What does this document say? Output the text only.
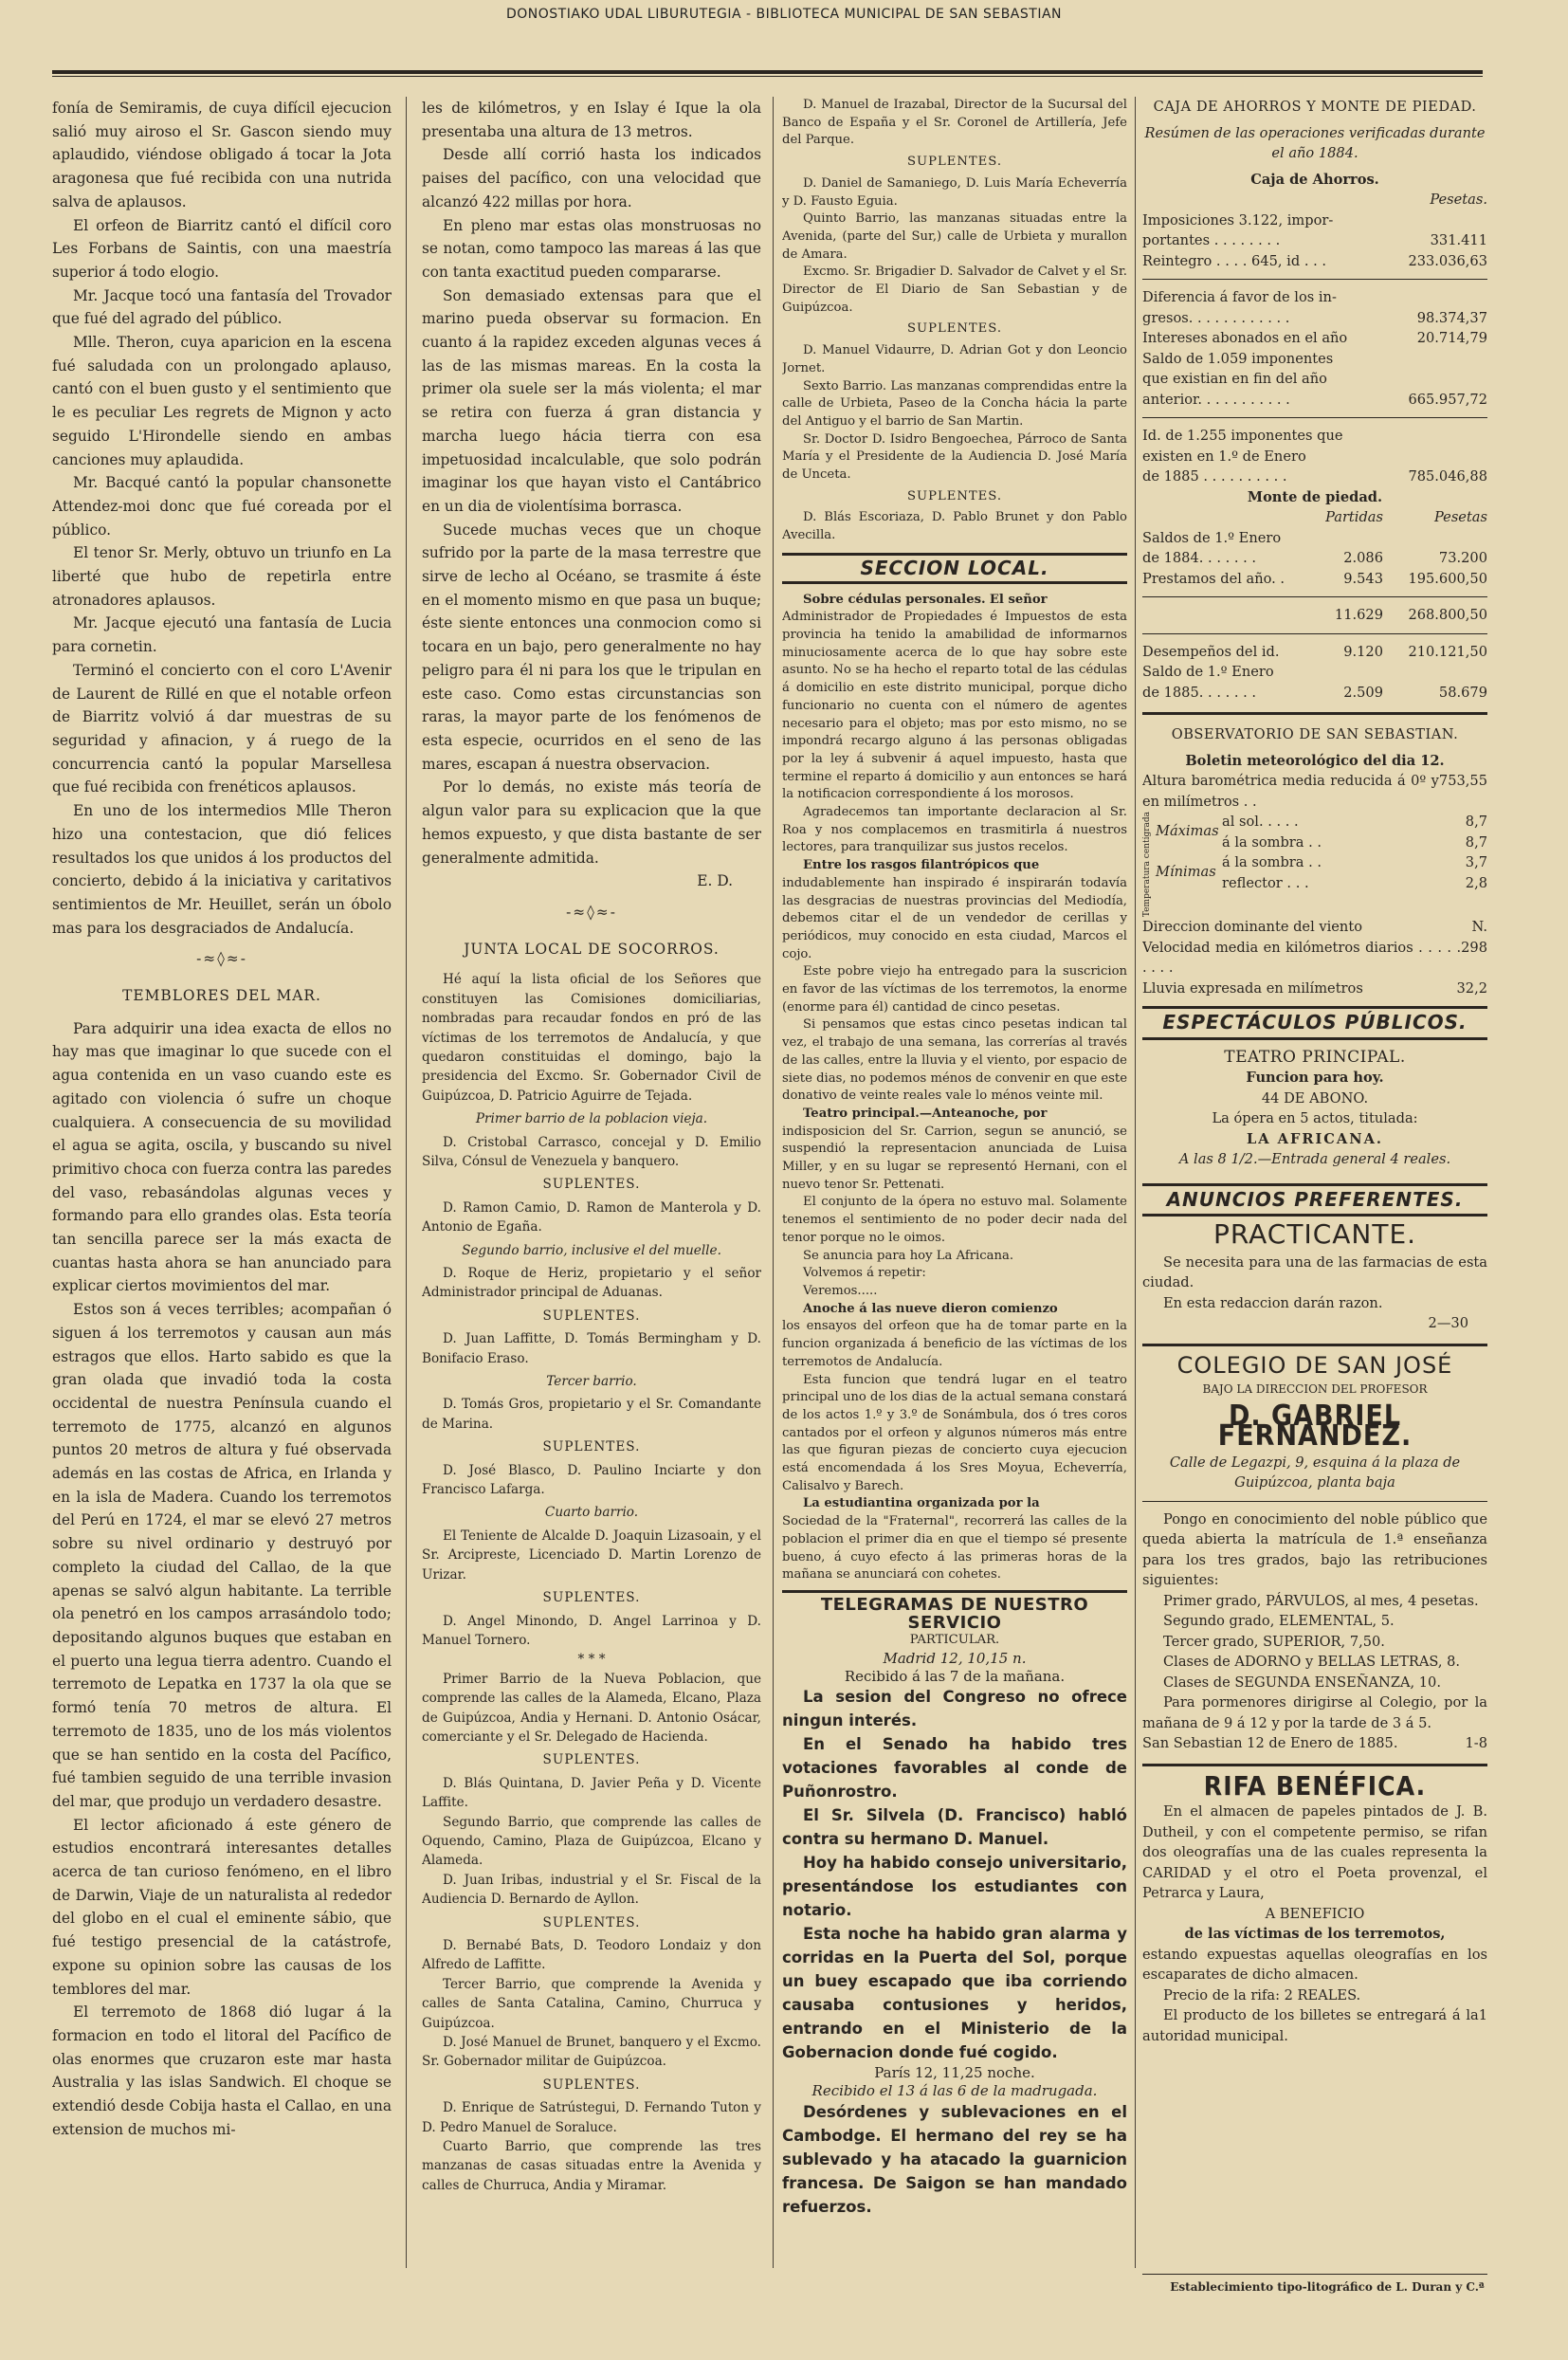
DONOSTIAKO UDAL LIBURUTEGIA - BIBLIOTECA MUNICIPAL DE SAN SEBASTIAN

fonía de Semiramis, de cuya difícil ejecucion salió muy airoso el Sr. Gascon siendo muy aplaudido, viéndose obligado á tocar la Jota aragonesa que fué recibida con una nutrida salva de aplausos.

El orfeon de Biarritz cantó el difícil coro Les Forbans de Saintis, con una maestría superior á todo elogio.

Mr. Jacque tocó una fantasía del Trovador que fué del agrado del público.

Mlle. Theron, cuya aparicion en la escena fué saludada con un prolongado aplauso, cantó con el buen gusto y el sentimiento que le es peculiar Les regrets de Mignon y acto seguido L'Hirondelle siendo en ambas canciones muy aplaudida.

Mr. Bacqué cantó la popular chansonette Attendez-moi donc que fué coreada por el público.

El tenor Sr. Merly, obtuvo un triunfo en La liberté que hubo de repetirla entre atronadores aplausos.

Mr. Jacque ejecutó una fantasía de Lucia para cornetin.

Terminó el concierto con el coro L'Avenir de Laurent de Rillé en que el notable orfeon de Biarritz volvió á dar muestras de su seguridad y afinacion, y á ruego de la concurrencia cantó la popular Marsellesa que fué recibida con frenéticos aplausos.

En uno de los intermedios Mlle Theron hizo una contestacion, que dió felices resultados los que unidos á los productos del concierto, debido á la iniciativa y caritativos sentimientos de Mr. Heuillet, serán un óbolo mas para los desgraciados de Andalucía.

-≈◊≈-
TEMBLORES DEL MAR.

Para adquirir una idea exacta de ellos no hay mas que imaginar lo que sucede con el agua contenida en un vaso cuando este es agitado con violencia ó sufre un choque cualquiera. A consecuencia de su movilidad el agua se agita, oscila, y buscando su nivel primitivo choca con fuerza contra las paredes del vaso, rebasándolas algunas veces y formando para ello grandes olas. Esta teoría tan sencilla parece ser la más exacta de cuantas hasta ahora se han anunciado para explicar ciertos movimientos del mar.

Estos son á veces terribles; acompañan ó siguen á los terremotos y causan aun más estragos que ellos. Harto sabido es que la gran olada que invadió toda la costa occidental de nuestra Península cuando el terremoto de 1775, alcanzó en algunos puntos 20 metros de altura y fué observada además en las costas de Africa, en Irlanda y en la isla de Madera. Cuando los terremotos del Perú en 1724, el mar se elevó 27 metros sobre su nivel ordinario y destruyó por completo la ciudad del Callao, de la que apenas se salvó algun habitante. La terrible ola penetró en los campos arrasándolo todo; depositando algunos buques que estaban en el puerto una legua tierra adentro. Cuando el terremoto de Lepatka en 1737 la ola que se formó tenía 70 metros de altura. El terremoto de 1835, uno de los más violentos que se han sentido en la costa del Pacífico, fué tambien seguido de una terrible invasion del mar, que produjo un verdadero desastre.

El lector aficionado á este género de estudios encontrará interesantes detalles acerca de tan curioso fenómeno, en el libro de Darwin, Viaje de un naturalista al rededor del globo en el cual el eminente sábio, que fué testigo presencial de la catástrofe, expone su opinion sobre las causas de los temblores del mar.

El terremoto de 1868 dió lugar á la formacion en todo el litoral del Pacífico de olas enormes que cruzaron este mar hasta Australia y las islas Sandwich. El choque se extendió desde Cobija hasta el Callao, en una extension de muchos mi-

les de kilómetros, y en Islay é Ique la ola presentaba una altura de 13 metros.

Desde allí corrió hasta los indicados paises del pacífico, con una velocidad que alcanzó 422 millas por hora.

En pleno mar estas olas monstruosas no se notan, como tampoco las mareas á las que con tanta exactitud pueden compararse.

Son demasiado extensas para que el marino pueda observar su formacion. En cuanto á la rapidez exceden algunas veces á las de las mismas mareas. En la costa la primer ola suele ser la más violenta; el mar se retira con fuerza á gran distancia y marcha luego hácia tierra con esa impetuosidad incalculable, que solo podrán imaginar los que hayan visto el Cantábrico en un dia de violentísima borrasca.

Sucede muchas veces que un choque sufrido por la parte de la masa terrestre que sirve de lecho al Océano, se trasmite á éste en el momento mismo en que pasa un buque; éste siente entonces una conmocion como si tocara en un bajo, pero generalmente no hay peligro para él ni para los que le tripulan en este caso. Como estas circunstancias son raras, la mayor parte de los fenómenos de esta especie, ocurridos en el seno de las mares, escapan á nuestra observacion.

Por lo demás, no existe más teoría de algun valor para su explicacion que la que hemos expuesto, y que dista bastante de ser generalmente admitida.

E. D.
-≈◊≈-
JUNTA LOCAL DE SOCORROS.

Hé aquí la lista oficial de los Señores que constituyen las Comisiones domiciliarias, nombradas para recaudar fondos en pró de las víctimas de los terremotos de Andalucía, y que quedaron constituidas el domingo, bajo la presidencia del Excmo. Sr. Gobernador Civil de Guipúzcoa, D. Patricio Aguirre de Tejada.

Primer barrio de la poblacion vieja.

D. Cristobal Carrasco, concejal y D. Emilio Silva, Cónsul de Venezuela y banquero.

SUPLENTES.

D. Ramon Camio, D. Ramon de Manterola y D. Antonio de Egaña.

Segundo barrio, inclusive el del muelle.

D. Roque de Heriz, propietario y el señor Administrador principal de Aduanas.

SUPLENTES.

D. Juan Laffitte, D. Tomás Bermingham y D. Bonifacio Eraso.

Tercer barrio.

D. Tomás Gros, propietario y el Sr. Comandante de Marina.

SUPLENTES.

D. José Blasco, D. Paulino Inciarte y don Francisco Lafarga.

Cuarto barrio.

El Teniente de Alcalde D. Joaquin Lizasoain, y el Sr. Arcipreste, Licenciado D. Martin Lorenzo de Urizar.

SUPLENTES.

D. Angel Minondo, D. Angel Larrinoa y D. Manuel Tornero.

* * *

Primer Barrio de la Nueva Poblacion, que comprende las calles de la Alameda, Elcano, Plaza de Guipúzcoa, Andia y Hernani. D. Antonio Osácar, comerciante y el Sr. Delegado de Hacienda.

SUPLENTES.

D. Blás Quintana, D. Javier Peña y D. Vicente Laffite.

Segundo Barrio, que comprende las calles de Oquendo, Camino, Plaza de Guipúzcoa, Elcano y Alameda.

D. Juan Iribas, industrial y el Sr. Fiscal de la Audiencia D. Bernardo de Ayllon.

SUPLENTES.

D. Bernabé Bats, D. Teodoro Londaiz y don Alfredo de Laffitte.

Tercer Barrio, que comprende la Avenida y calles de Santa Catalina, Camino, Churruca y Guipúzcoa.

D. José Manuel de Brunet, banquero y el Excmo. Sr. Gobernador militar de Guipúzcoa.

SUPLENTES.

D. Enrique de Satrústegui, D. Fernando Tuton y D. Pedro Manuel de Soraluce.

Cuarto Barrio, que comprende las tres manzanas de casas situadas entre la Avenida y calles de Churruca, Andia y Miramar.

D. Manuel de Irazabal, Director de la Sucursal del Banco de España y el Sr. Coronel de Artillería, Jefe del Parque.

SUPLENTES.

D. Daniel de Samaniego, D. Luis María Echeverría y D. Fausto Eguia.

Quinto Barrio, las manzanas situadas entre la Avenida, (parte del Sur,) calle de Urbieta y murallon de Amara.

Excmo. Sr. Brigadier D. Salvador de Calvet y el Sr. Director de El Diario de San Sebastian y de Guipúzcoa.

SUPLENTES.

D. Manuel Vidaurre, D. Adrian Got y don Leoncio Jornet.

Sexto Barrio. Las manzanas comprendidas entre la calle de Urbieta, Paseo de la Concha hácia la parte del Antiguo y el barrio de San Martin.

Sr. Doctor D. Isidro Bengoechea, Párroco de Santa María y el Presidente de la Audiencia D. José María de Unceta.

SUPLENTES.

D. Blás Escoriaza, D. Pablo Brunet y don Pablo Avecilla.

SECCION LOCAL.

Sobre cédulas personales. El señor

Administrador de Propiedades é Impuestos de esta provincia ha tenido la amabilidad de informarnos minuciosamente acerca de lo que hay sobre este asunto. No se ha hecho el reparto total de las cédulas á domicilio en este distrito municipal, porque dicho funcionario no cuenta con el número de agentes necesario para el objeto; mas por esto mismo, no se impondrá recargo alguno á las personas obligadas por la ley á subvenir á aquel impuesto, hasta que termine el reparto á domicilio y aun entonces se hará la notificacion correspondiente á los morosos.

Agradecemos tan importante declaracion al Sr. Roa y nos complacemos en trasmitirla á nuestros lectores, para tranquilizar sus justos recelos.

Entre los rasgos filantrópicos que

indudablemente han inspirado é inspirarán todavía las desgracias de nuestras provincias del Mediodía, debemos citar el de un vendedor de cerillas y periódicos, muy conocido en esta ciudad, Marcos el cojo.

Este pobre viejo ha entregado para la suscricion en favor de las víctimas de los terremotos, la enorme (enorme para él) cantidad de cinco pesetas.

Si pensamos que estas cinco pesetas indican tal vez, el trabajo de una semana, las correrías al través de las calles, entre la lluvia y el viento, por espacio de siete dias, no podemos ménos de convenir en que este donativo de veinte reales vale lo ménos veinte mil.

Teatro principal.—Anteanoche, por

indisposicion del Sr. Carrion, segun se anunció, se suspendió la representacion anunciada de Luisa Miller, y en su lugar se representó Hernani, con el nuevo tenor Sr. Pettenati.

El conjunto de la ópera no estuvo mal. Solamente tenemos el sentimiento de no poder decir nada del tenor porque no le oimos.

Se anuncia para hoy La Africana.

Volvemos á repetir:

Veremos.....

Anoche á las nueve dieron comienzo

los ensayos del orfeon que ha de tomar parte en la funcion organizada á beneficio de las víctimas de los terremotos de Andalucía.

Esta funcion que tendrá lugar en el teatro principal uno de los dias de la actual semana constará de los actos 1.º y 3.º de Sonámbula, dos ó tres coros cantados por el orfeon y algunos números más entre las que figuran piezas de concierto cuya ejecucion está encomendada á los Sres Moyua, Echeverría, Calisalvo y Barech.

La estudiantina organizada por la

Sociedad de la "Fraternal", recorrerá las calles de la poblacion el primer dia en que el tiempo sé presente bueno, á cuyo efecto á las primeras horas de la mañana se anunciará con cohetes.

TELEGRAMAS DE NUESTRO SERVICIO
PARTICULAR.
Madrid 12, 10,15 n.
Recibido á las 7 de la mañana.

La sesion del Congreso no ofrece ningun interés.

En el Senado ha habido tres votaciones favorables al conde de Puñonrostro.

El Sr. Silvela (D. Francisco) habló contra su hermano D. Manuel.

Hoy ha habido consejo universitario, presentándose los estudiantes con notario.

Esta noche ha habido gran alarma y corridas en la Puerta del Sol, porque un buey escapado que iba corriendo causaba contusiones y heridos, entrando en el Ministerio de la Gobernacion donde fué cogido.

París 12, 11,25 noche.
Recibido el 13 á las 6 de la madrugada.

Desórdenes y sublevaciones en el Cambodge. El hermano del rey se ha sublevado y ha atacado la guarnicion francesa. De Saigon se han mandado refuerzos.

CAJA DE AHORROS Y MONTE DE PIEDAD.
Resúmen de las operaciones verificadas durante el año 1884.
Caja de Ahorros.
Pesetas.
Imposiciones 3.122, impor-
portantes . . . . . . . .	331.411
Reintegro . . . . 645, id . . .	233.036,63
Diferencia á favor de los in-
gresos. . . . . . . . . . . .	98.374,37
Intereses abonados en el año	20.714,79
Saldo de 1.059 imponentes
que existian en fin del año
anterior. . . . . . . . . . .	665.957,72
Id. de 1.255 imponentes que
existen en 1.º de Enero
de 1885 . . . . . . . . . .	785.046,88
Monte de piedad.
Partidas	Pesetas
Saldos de 1.º Enero
de 1884. . . . . . .	2.086	73.200
Prestamos del año. .	9.543	195.600,50
11.629	268.800,50
Desempeños del id.	9.120	210.121,50
Saldo de 1.º Enero
de 1885. . . . . . .	2.509	58.679
OBSERVATORIO DE SAN SEBASTIAN.
Boletin meteorológico del dia 12.
Altura barométrica media reducida á 0º y en milímetros . .
753,55
Temperatura centígrada Máximas
al sol. . . . .	8,7
á la sombra . .	8,7
Mínimas
á la sombra . .	3,7
reflector . . .	2,8
Direccion dominante del viento	N.
Velocidad media en kilómetros diarios . . . . . . . . .
298
Lluvia expresada en milímetros	32,2
ESPECTÁCULOS PÚBLICOS.
TEATRO PRINCIPAL.
Funcion para hoy.
44 DE ABONO.
La ópera en 5 actos, titulada:
LA AFRICANA.
A las 8 1/2.—Entrada general 4 reales.
ANUNCIOS PREFERENTES.
PRACTICANTE.

Se necesita para una de las farmacias de esta ciudad.

En esta redaccion darán razon.

2—30
COLEGIO DE SAN JOSÉ
BAJO LA DIRECCION DEL PROFESOR
D. GABRIEL FERNANDEZ.
Calle de Legazpi, 9, esquina á la plaza de Guipúzcoa, planta baja

Pongo en conocimiento del noble público que queda abierta la matrícula de 1.ª enseñanza para los tres grados, bajo las retribuciones siguientes:

Primer grado, PÁRVULOS, al mes, 4 pesetas.

Segundo grado, ELEMENTAL, 5.

Tercer grado, SUPERIOR, 7,50.

Clases de ADORNO y BELLAS LETRAS, 8.

Clases de SEGUNDA ENSEÑANZA, 10.

Para pormenores dirigirse al Colegio, por la mañana de 9 á 12 y por la tarde de 3 á 5.

San Sebastian 12 de Enero de 1885.	1-8
RIFA BENÉFICA.

En el almacen de papeles pintados de J. B. Dutheil, y con el competente permiso, se rifan dos oleografías una de las cuales representa la CARIDAD y el otro el Poeta provenzal, el Petrarca y Laura,

A BENEFICIO
de las víctimas de los terremotos,

estando expuestas aquellas oleografías en los escaparates de dicho almacen.

Precio de la rifa: 2 REALES.

El producto de los billetes se entregará á la autoridad municipal.
1
Establecimiento tipo-litográfico de L. Duran y C.ª
